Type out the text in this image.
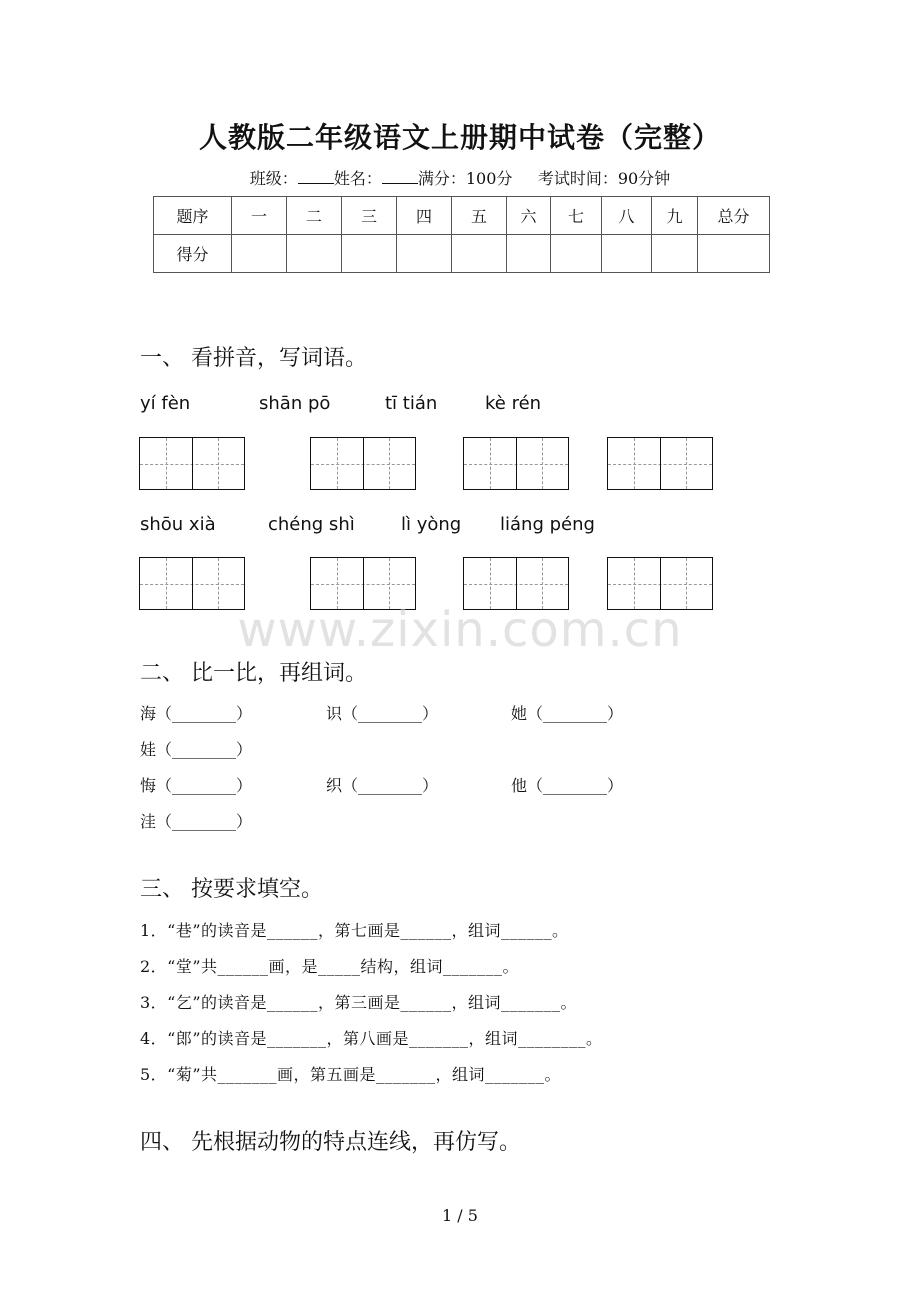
人教版二年级语文上册期中试卷（完整）
班级： 姓名： 满分：100分 考试时间：90分钟
题序	一	二	三	四	五	六	七	八	九	总分
得分										
一、 看拼音，写词语。
yí fèn	shān pō	tī tián	kè rén
shōu xià	chéng shì	lì yòng liáng péng
www.zixin.com.cn
二、 比一比，再组词。
海（________）	识（________）	她（________）
娃（________）
悔（________）	织（________）	他（________）
洼（________）
三、 按要求填空。
1．“巷”的读音是______，第七画是______，组词______。
2．“堂”共______画，是_____结构，组词_______。
3．“乞”的读音是______，第三画是______，组词_______。
4．“郎”的读音是_______，第八画是_______，组词________。
5．“菊”共_______画，第五画是_______，组词_______。
四、 先根据动物的特点连线，再仿写。
1 / 5
